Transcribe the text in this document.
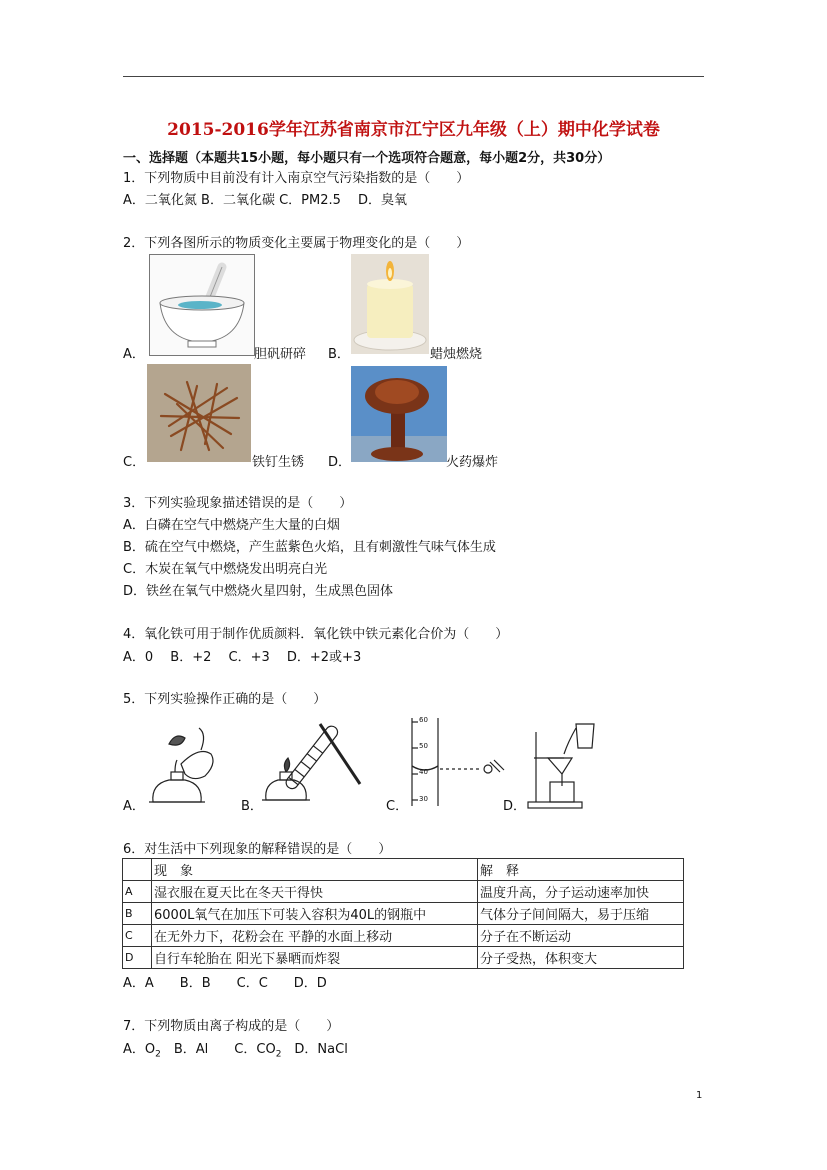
2015-2016学年江苏省南京市江宁区九年级（上）期中化学试卷
一、选择题（本题共15小题，每小题只有一个选项符合题意，每小题2分，共30分）
1．下列物质中目前没有计入南京空气污染指数的是（　　）
A．二氧化氮 B．二氧化碳 C．PM2.5　 D．臭氧
2．下列各图所示的物质变化主要属于物理变化的是（　　）
A．	胆矾研碎 B．	蜡烛燃烧
C．	铁钉生锈 D．	火药爆炸
3．下列实验现象描述错误的是（　　）
A．白磷在空气中燃烧产生大量的白烟
B．硫在空气中燃烧，产生蓝紫色火焰，且有刺激性气味气体生成
C．木炭在氧气中燃烧发出明亮白光
D．铁丝在氧气中燃烧火星四射，生成黑色固体
4．氧化铁可用于制作优质颜料．氧化铁中铁元素化合价为（　　）
A．0　 B．+2　 C．+3　 D．+2或+3
5．下列实验操作正确的是（　　）
A．	B．	C．
60
50
40
30	D．
6．对生活中下列现象的解释错误的是（　　）
	现　象	解　释
A	湿衣服在夏天比在冬天干得快	温度升高，分子运动速率加快
B	6000L氧气在加压下可装入容积为40L的钢瓶中	气体分子间间隔大，易于压缩
C	在无外力下，花粉会在 平静的水面上移动	分子在不断运动
D	自行车轮胎在 阳光下暴晒而炸裂	分子受热，体积变大
A．A　　B．B　　C．C　　D．D
7．下列物质由离子构成的是（　　）
A．$O_2$　B．Al　　C．$CO_2$　D．NaCl
1
